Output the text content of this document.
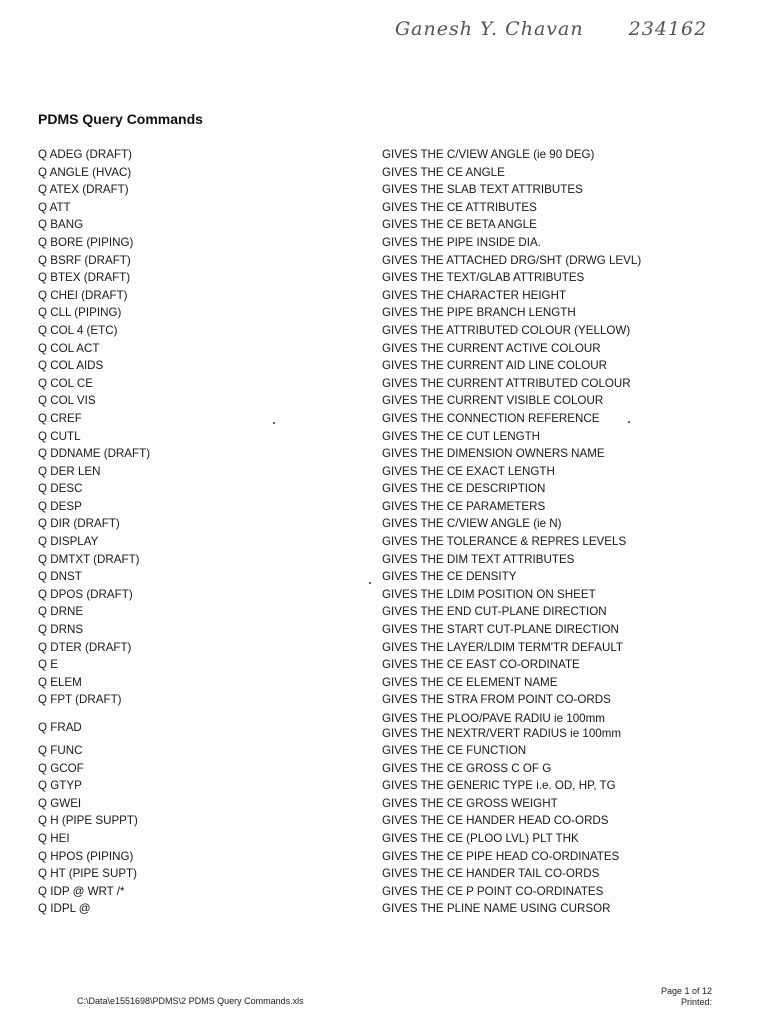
Ganesh Y. Chavan 234162
PDMS Query Commands
Q ADEG (DRAFT)	GIVES THE C/VIEW ANGLE (ie 90 DEG)
Q ANGLE (HVAC)	GIVES THE CE ANGLE
Q ATEX (DRAFT)	GIVES THE SLAB TEXT ATTRIBUTES
Q ATT	GIVES THE CE ATTRIBUTES
Q BANG	GIVES THE CE BETA ANGLE
Q BORE (PIPING)	GIVES THE PIPE INSIDE DIA.
Q BSRF (DRAFT)	GIVES THE ATTACHED DRG/SHT (DRWG LEVL)
Q BTEX (DRAFT)	GIVES THE TEXT/GLAB ATTRIBUTES
Q CHEI (DRAFT)	GIVES THE CHARACTER HEIGHT
Q CLL (PIPING)	GIVES THE PIPE BRANCH LENGTH
Q COL 4 (ETC)	GIVES THE ATTRIBUTED COLOUR (YELLOW)
Q COL ACT	GIVES THE CURRENT ACTIVE COLOUR
Q COL AIDS	GIVES THE CURRENT AID LINE COLOUR
Q COL CE	GIVES THE CURRENT ATTRIBUTED COLOUR
Q COL VIS	GIVES THE CURRENT VISIBLE COLOUR
Q CREF	GIVES THE CONNECTION REFERENCE
Q CUTL	GIVES THE CE CUT LENGTH
Q DDNAME (DRAFT)	GIVES THE DIMENSION OWNERS NAME
Q DER LEN	GIVES THE CE EXACT LENGTH
Q DESC	GIVES THE CE DESCRIPTION
Q DESP	GIVES THE CE PARAMETERS
Q DIR (DRAFT)	GIVES THE C/VIEW ANGLE (ie N)
Q DISPLAY	GIVES THE TOLERANCE & REPRES LEVELS
Q DMTXT (DRAFT)	GIVES THE DIM TEXT ATTRIBUTES
Q DNST	GIVES THE CE DENSITY
Q DPOS (DRAFT)	GIVES THE LDIM POSITION ON SHEET
Q DRNE	GIVES THE END CUT-PLANE DIRECTION
Q DRNS	GIVES THE START CUT-PLANE DIRECTION
Q DTER (DRAFT)	GIVES THE LAYER/LDIM TERM'TR DEFAULT
Q E	GIVES THE CE EAST CO-ORDINATE
Q ELEM	GIVES THE CE ELEMENT NAME
Q FPT (DRAFT)	GIVES THE STRA FROM POINT CO-ORDS
Q FRAD
GIVES THE PLOO/PAVE RADIU ie 100mm
GIVES THE NEXTR/VERT RADIUS ie 100mm
Q FUNC	GIVES THE CE FUNCTION
Q GCOF	GIVES THE CE GROSS C OF G
Q GTYP	GIVES THE GENERIC TYPE i.e. OD, HP, TG
Q GWEI	GIVES THE CE GROSS WEIGHT
Q H (PIPE SUPPT)	GIVES THE CE HANDER HEAD CO-ORDS
Q HEI	GIVES THE CE (PLOO LVL) PLT THK
Q HPOS (PIPING)	GIVES THE CE PIPE HEAD CO-ORDINATES
Q HT (PIPE SUPT)	GIVES THE CE HANDER TAIL CO-ORDS
Q IDP @ WRT /*	GIVES THE CE P POINT CO-ORDINATES
Q IDPL @	GIVES THE PLINE NAME USING CURSOR
C:\Data\e1551698\PDMS\2 PDMS Query Commands.xls
Page 1 of 12
Printed:
